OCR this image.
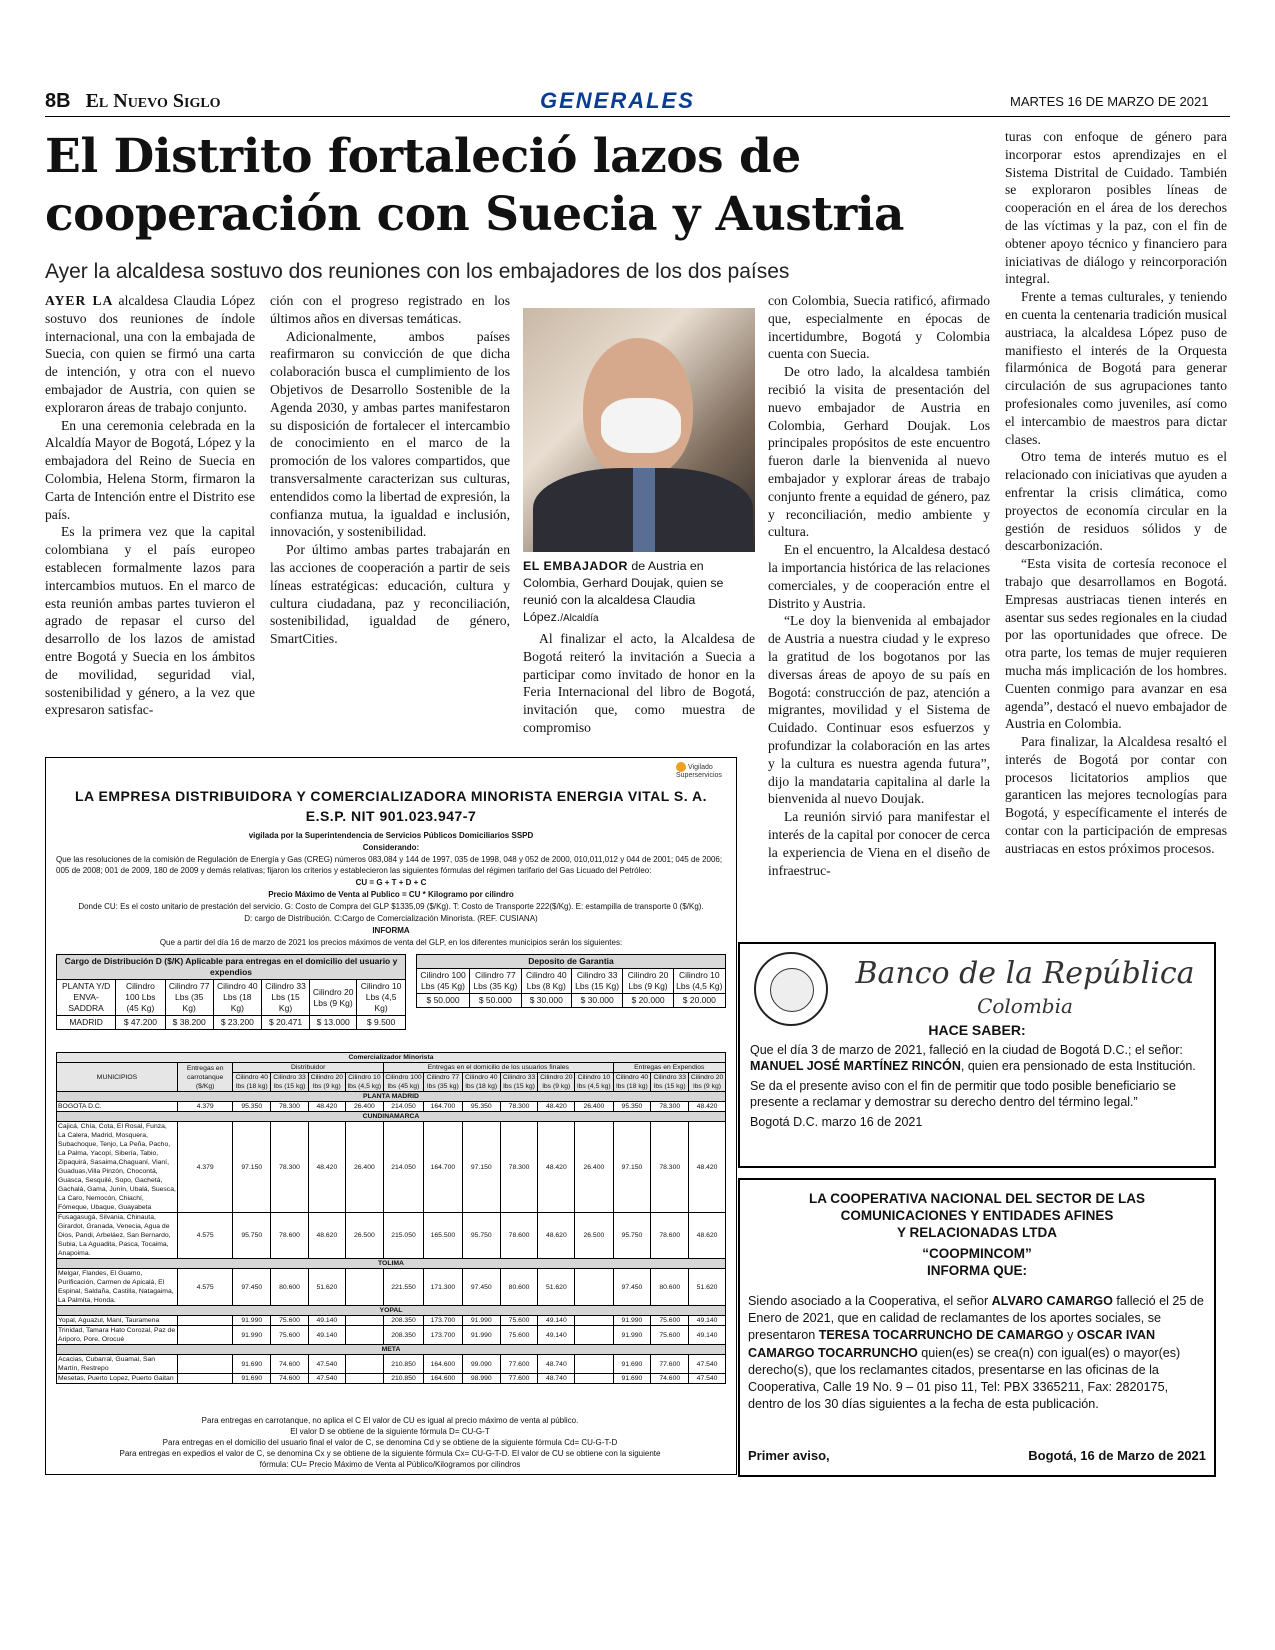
8B El Nuevo Siglo	GENERALES	MARTES 16 DE MARZO DE 2021
El Distrito fortaleció lazos de cooperación con Suecia y Austria
Ayer la alcaldesa sostuvo dos reuniones con los embajadores de los dos países

AYER LA alcaldesa Claudia López sostuvo dos reuniones de índole internacional, una con la embajada de Suecia, con quien se firmó una carta de intención, y otra con el nuevo embajador de Austria, con quien se exploraron áreas de trabajo conjunto.

En una ceremonia celebrada en la Alcaldía Mayor de Bogotá, López y la embajadora del Reino de Suecia en Colombia, Helena Storm, firmaron la Carta de Intención entre el Distrito ese país.

Es la primera vez que la capital colombiana y el país europeo establecen formalmente lazos para intercambios mutuos. En el marco de esta reunión ambas partes tuvieron el agrado de repasar el curso del desarrollo de los lazos de amistad entre Bogotá y Suecia en los ámbitos de movilidad, seguridad vial, sostenibilidad y género, a la vez que expresaron satisfac-

ción con el progreso registrado en los últimos años en diversas temáticas.

Adicionalmente, ambos países reafirmaron su convicción de que dicha colaboración busca el cumplimiento de los Objetivos de Desarrollo Sostenible de la Agenda 2030, y ambas partes manifestaron su disposición de fortalecer el intercambio de conocimiento en el marco de la promoción de los valores compartidos, que transversalmente caracterizan sus culturas, entendidos como la libertad de expresión, la confianza mutua, la igualdad e inclusión, innovación, y sostenibilidad.

Por último ambas partes trabajarán en las acciones de cooperación a partir de seis líneas estratégicas: educación, cultura y cultura ciudadana, paz y reconciliación, sostenibilidad, igualdad de género, SmartCities.

EL EMBAJADOR de Austria en Colombia, Gerhard Doujak, quien se reunió con la alcaldesa Claudia López./Alcaldía

Al finalizar el acto, la Alcaldesa de Bogotá reiteró la invitación a Suecia a participar como invitado de honor en la Feria Internacional del libro de Bogotá, invitación que, como muestra de compromiso

con Colombia, Suecia ratificó, afirmado que, especialmente en épocas de incertidumbre, Bogotá y Colombia cuenta con Suecia.

De otro lado, la alcaldesa también recibió la visita de presentación del nuevo embajador de Austria en Colombia, Gerhard Doujak. Los principales propósitos de este encuentro fueron darle la bienvenida al nuevo embajador y explorar áreas de trabajo conjunto frente a equidad de género, paz y reconciliación, medio ambiente y cultura.

En el encuentro, la Alcaldesa destacó la importancia histórica de las relaciones comerciales, y de cooperación entre el Distrito y Austria.

“Le doy la bienvenida al embajador de Austria a nuestra ciudad y le expreso la gratitud de los bogotanos por las diversas áreas de apoyo de su país en Bogotá: construcción de paz, atención a migrantes, movilidad y el Sistema de Cuidado. Continuar esos esfuerzos y profundizar la colaboración en las artes y la cultura es nuestra agenda futura”, dijo la mandataria capitalina al darle la bienvenida al nuevo Doujak.

La reunión sirvió para manifestar el interés de la capital por conocer de cerca la experiencia de Viena en el diseño de infraestruc-

turas con enfoque de género para incorporar estos aprendizajes en el Sistema Distrital de Cuidado. También se exploraron posibles líneas de cooperación en el área de los derechos de las víctimas y la paz, con el fin de obtener apoyo técnico y financiero para iniciativas de diálogo y reincorporación integral.

Frente a temas culturales, y teniendo en cuenta la centenaria tradición musical austriaca, la alcaldesa López puso de manifiesto el interés de la Orquesta filarmónica de Bogotá para generar circulación de sus agrupaciones tanto profesionales como juveniles, así como el intercambio de maestros para dictar clases.

Otro tema de interés mutuo es el relacionado con iniciativas que ayuden a enfrentar la crisis climática, como proyectos de economía circular en la gestión de residuos sólidos y de descarbonización.

“Esta visita de cortesía reconoce el trabajo que desarrollamos en Bogotá. Empresas austriacas tienen interés en asentar sus sedes regionales en la ciudad por las oportunidades que ofrece. De otra parte, los temas de mujer requieren mucha más implicación de los hombres. Cuenten conmigo para avanzar en esa agenda”, destacó el nuevo embajador de Austria en Colombia.

Para finalizar, la Alcaldesa resaltó el interés de Bogotá por contar con procesos licitatorios amplios que garanticen las mejores tecnologías para Bogotá, y específicamente el interés de contar con la participación de empresas austriacas en estos próximos procesos.

Vigilado Superservicios
LA EMPRESA DISTRIBUIDORA Y COMERCIALIZADORA MINORISTA ENERGIA VITAL S. A.
E.S.P. NIT 901.023.947-7
vigilada por la Superintendencia de Servicios Públicos Domiciliarios SSPD
Considerando:
Que las resoluciones de la comisión de Regulación de Energía y Gas (CREG) números 083,084 y 144 de 1997, 035 de 1998, 048 y 052 de 2000, 010,011,012 y 044 de 2001; 045 de 2006; 005 de 2008; 001 de 2009, 180 de 2009 y demás relativas; fijaron los criterios y establecieron las siguientes fórmulas del régimen tarifario del Gas Licuado del Petróleo:
CU = G + T + D + C
Precio Máximo de Venta al Publico = CU * Kilogramo por cilindro
Donde CU: Es el costo unitario de prestación del servicio. G: Costo de Compra del GLP $1335,09 ($/Kg). T: Costo de Transporte 222($/Kg). E: estampilla de transporte 0 ($/Kg).
D: cargo de Distribución. C:Cargo de Comercialización Minorista. (REF. CUSIANA)
INFORMA
Que a partir del día 16 de marzo de 2021 los precios máximos de venta del GLP, en los diferentes municipios serán los siguientes:
Cargo de Distribución D ($/K) Aplicable para entregas en el domicilio del usuario y expendios						
PLANTA Y/D ENVA-SADDRA	Cilindro 100 Lbs (45 Kg)	Cilindro 77 Lbs (35 Kg)	Cilindro 40 Lbs (18 Kg)	Cilindro 33 Lbs (15 Kg)	Cilindro 20 Lbs (9 Kg)	Cilindro 10 Lbs (4,5 Kg)
MADRID	$ 47.200	$ 38.200	$ 23.200	$ 20.471	$ 13.000	$ 9.500
Deposito de Garantia					
Cilindro 100 Lbs (45 Kg)	Cilindro 77 Lbs (35 Kg)	Cilindro 40 Lbs (8 Kg)	Cilindro 33 Lbs (15 Kg)	Cilindro 20 Lbs (9 Kg)	Cilindro 10 Lbs (4,5 Kg)
$ 50.000	$ 50.000	$ 30.000	$ 30.000	$ 20.000	$ 20.000
Comercializador Minorista														
MUNICIPIOS	Entregas en carrotanque ($/Kg)	Distribuidor				Entregas en el domicilio de los usuarios finales						Entregas en Expendios		
		Cilindro 40 lbs (18 kg)	Cilindro 33 lbs (15 kg)	Cilindro 20 lbs (9 kg)	Cilindro 10 lbs (4,5 kg)	Cilindro 100 lbs (45 kg)	Cilindro 77 lbs (35 kg)	Cilindro 40 lbs (18 kg)	Cilindro 33 lbs (15 kg)	Cilindro 20 lbs (9 kg)	Cilindro 10 lbs (4,5 kg)	Cilindro 40 lbs (18 kg)	Cilindro 33 lbs (15 kg)	Cilindro 20 lbs (9 kg)
PLANTA MADRID														
BOGOTA D.C.	4.379	95.350	78.300	48.420	26.400	214.050	164.700	95.350	78.300	48.420	26.400	95.350	78.300	48.420
CUNDINAMARCA														
Cajicá, Chía, Cota, El Rosal, Funza, La Calera, Madrid, Mosquera, Subachoque, Tenjo, La Peña, Pacho, La Palma, Yacopí, Sibería, Tabio, Zipaquirá, Sasaima,Chaguaní, Vianí, Guaduas,Villa Pinzón, Chocontá, Guasca, Sesquilé, Sopo, Gachetá, Gachalá, Gama, Junín, Ubalá, Suesca, La Caro, Nemocón, Chiachí, Fómeque, Ubaque, Guayabeta	4.379	97.150	78.300	48.420	26.400	214.050	164.700	97.150	78.300	48.420	26.400	97.150	78.300	48.420
Fusagasugá, Silvania, Chinauta, Girardot, Granada, Venecia, Agua de Dios, Pandi, Arbeláez, San Bernardo, Subia, La Aguadita, Pasca, Tocaima, Anapoima.	4.575	95.750	78.600	48.620	26.500	215.050	165.500	95.750	78.600	48.620	26.500	95.750	78.600	48.620
TOLIMA														
Melgar, Flandes, El Guamo, Purificación, Carmen de Apicalá, El Espinal, Saldaña, Castilla, Natagaima, La Palmita, Honda.	4.575	97.450	80.600	51.620		221.550	171.300	97.450	80.600	51.620		97.450	80.600	51.620
YOPAL														
Yopal, Aguazul, Maní, Tauramena		91.990	75.600	49.140		208.350	173.700	91.990	75.600	49.140		91.990	75.600	49.140
Trinidad, Tamara Hato Corozal, Paz de Ariporo, Pore, Orocué		91.990	75.600	49.140		208.350	173.700	91.990	75.600	49.140		91.990	75.600	49.140
META														
Acacias, Cubarral, Guamal, San Martín, Restrepo		91.690	74.600	47.540		210.850	164.600	99.090	77.600	48.740		91.690	77.600	47.540
Mesetas, Puerto Lopez, Puerto Gaitan		91.690	74.600	47.540		210.850	164.600	98.990	77.600	48.740		91.690	74.600	47.540
Para entregas en carrotanque, no aplica el C El valor de CU es igual al precio máximo de venta al público.
El valor D se obtiene de la siguiente fórmula D= CU-G-T
Para entregas en el domicilio del usuario final el valor de C, se denomina Cd y se obtiene de la siguiente fórmula Cd= CU-G-T-D
Para entregas en expedios el valor de C, se denomina Cx y se obtiene de la siguiente fórmula Cx= CU-G-T-D. El valor de CU se obtiene con la siguiente
fórmula: CU= Precio Máximo de Venta al Público/Kilogramos por cilindros
Banco de la República
Colombia
HACE SABER:

Que el día 3 de marzo de 2021, falleció en la ciudad de Bogotá D.C.; el señor: MANUEL JOSÉ MARTÍNEZ RINCÓN, quien era pensionado de esta Institución.

Se da el presente aviso con el fin de permitir que todo posible beneficiario se presente a reclamar y demostrar su derecho dentro del término legal.”

Bogotá D.C. marzo 16 de 2021

LA COOPERATIVA NACIONAL DEL SECTOR DE LAS
COMUNICACIONES Y ENTIDADES AFINES
Y RELACIONADAS LTDA
“COOPMINCOM”
INFORMA QUE:
Siendo asociado a la Cooperativa, el señor ALVARO CAMARGO falleció el 25 de Enero de 2021, que en calidad de reclamantes de los aportes sociales, se presentaron TERESA TOCARRUNCHO DE CAMARGO y OSCAR IVAN CAMARGO TOCARRUNCHO quien(es) se crea(n) con igual(es) o mayor(es) derecho(s), que los reclamantes citados, presentarse en las oficinas de la Cooperativa, Calle 19 No. 9 – 01 piso 11, Tel: PBX 3365211, Fax: 2820175, dentro de los 30 días siguientes a la fecha de esta publicación.
Primer aviso,	Bogotá, 16 de Marzo de 2021
